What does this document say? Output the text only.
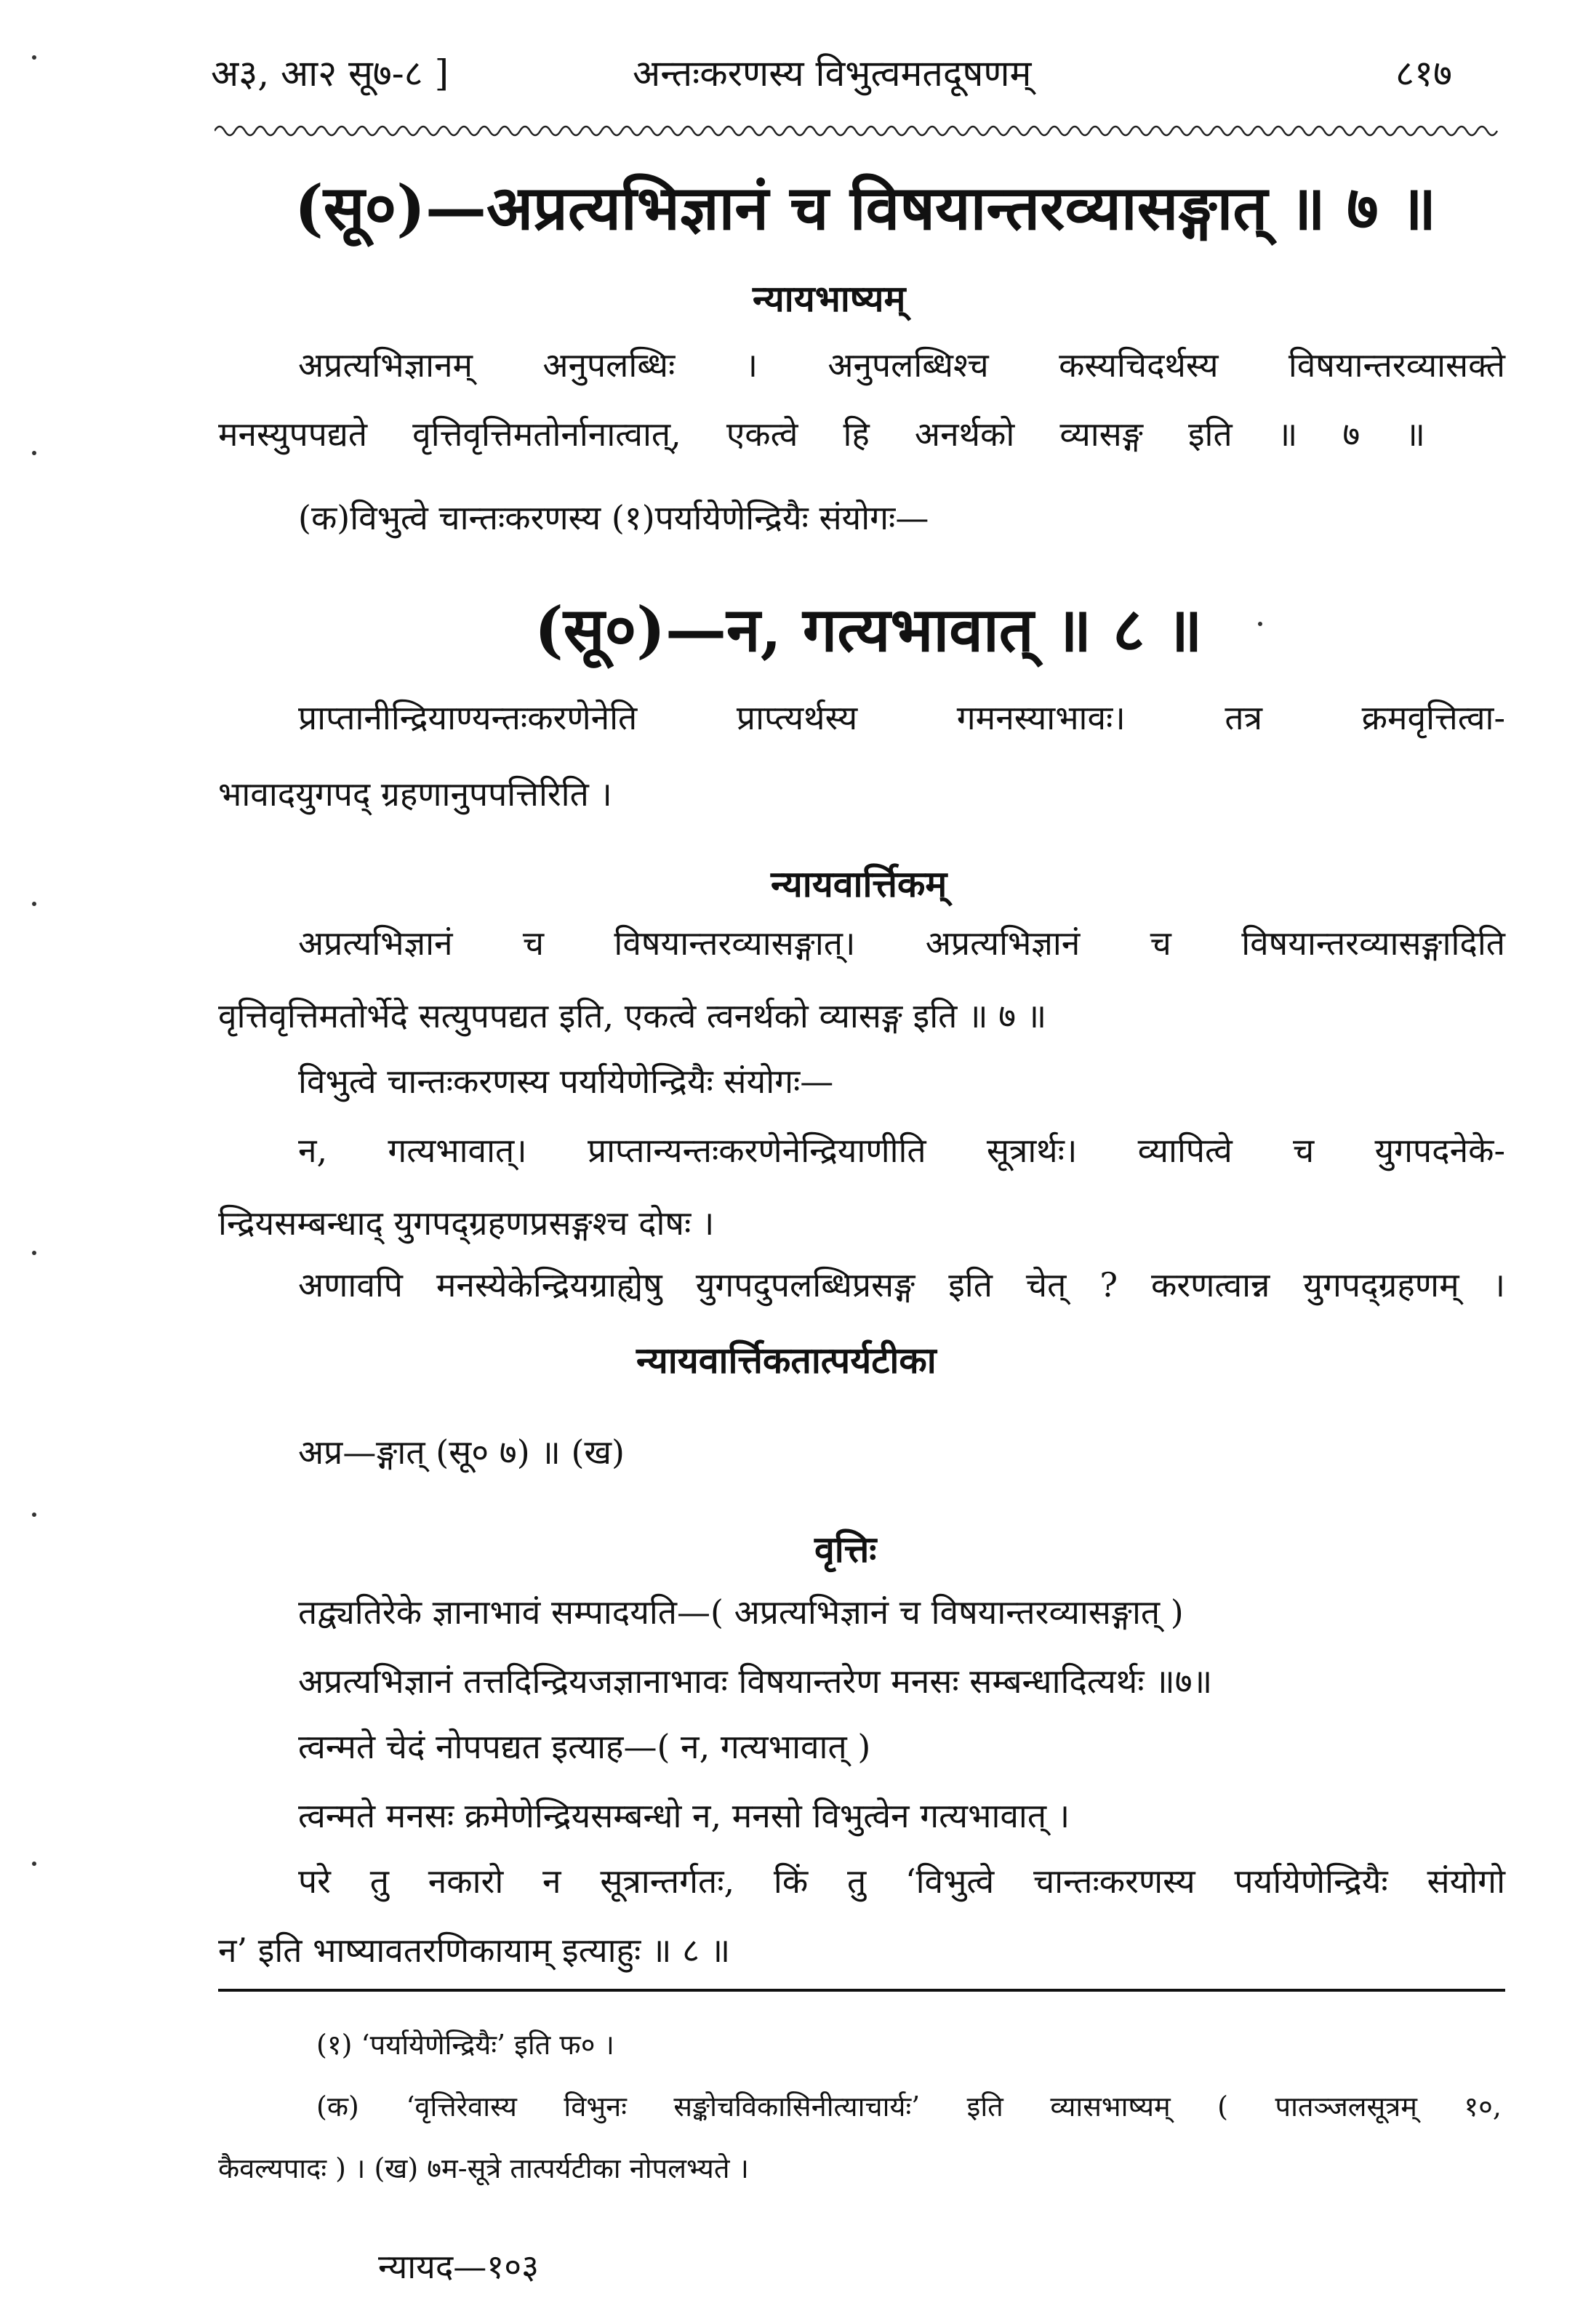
अ३, आ२ सू७-८ ]	अन्तःकरणस्य विभुत्वमतदूषणम्	८१७
(सू०)—अप्रत्यभिज्ञानं च विषयान्तरव्यासङ्गात् ॥ ७ ॥
न्यायभाष्यम्
अप्रत्यभिज्ञानम् अनुपलब्धिः । अनुपलब्धिश्च कस्यचिदर्थस्य विषयान्तरव्यासक्ते
मनस्युपपद्यते वृत्तिवृत्तिमतोर्नानात्वात्, एकत्वे हि अनर्थको व्यासङ्ग इति ॥ ७ ॥
(क)विभुत्वे चान्तःकरणस्य (१)पर्यायेणेन्द्रियैः संयोगः—
(सू०)—न, गत्यभावात् ॥ ८ ॥
प्राप्तानीन्द्रियाण्यन्तःकरणेनेति प्राप्त्यर्थस्य गमनस्याभावः। तत्र क्रमवृत्तित्वा-
भावादयुगपद् ग्रहणानुपपत्तिरिति ।
न्यायवार्त्तिकम्
अप्रत्यभिज्ञानं च विषयान्तरव्यासङ्गात्। अप्रत्यभिज्ञानं च विषयान्तरव्यासङ्गादिति
वृत्तिवृत्तिमतोर्भेदे सत्युपपद्यत इति, एकत्वे त्वनर्थको व्यासङ्ग इति ॥ ७ ॥
विभुत्वे चान्तःकरणस्य पर्यायेणेन्द्रियैः संयोगः—
न, गत्यभावात्। प्राप्तान्यन्तःकरणेनेन्द्रियाणीति सूत्रार्थः। व्यापित्वे च युगपदनेके-
न्द्रियसम्बन्धाद् युगपद्ग्रहणप्रसङ्गश्च दोषः ।
अणावपि मनस्येकेन्द्रियग्राह्येषु युगपदुपलब्धिप्रसङ्ग इति चेत् ? करणत्वान्न युगपद्ग्रहणम् ।
न्यायवार्त्तिकतात्पर्यटीका
अप्र—ङ्गात् (सू० ७) ॥ (ख)
वृत्तिः
तद्व्यतिरेके ज्ञानाभावं सम्पादयति—( अप्रत्यभिज्ञानं च विषयान्तरव्यासङ्गात् )
अप्रत्यभिज्ञानं तत्तदिन्द्रियजज्ञानाभावः विषयान्तरेण मनसः सम्बन्धादित्यर्थः ॥७॥
त्वन्मते चेदं नोपपद्यत इत्याह—( न, गत्यभावात् )
त्वन्मते मनसः क्रमेणेन्द्रियसम्बन्धो न, मनसो विभुत्वेन गत्यभावात् ।
परे तु नकारो न सूत्रान्तर्गतः, किं तु ‘विभुत्वे चान्तःकरणस्य पर्यायेणेन्द्रियैः संयोगो
न’ इति भाष्यावतरणिकायाम् इत्याहुः ॥ ८ ॥
(१) ‘पर्यायेणेन्द्रियैः’ इति फ० ।
(क) ‘वृत्तिरेवास्य विभुनः सङ्कोचविकासिनीत्याचार्यः’ इति व्यासभाष्यम् ( पातञ्जलसूत्रम् १०,
कैवल्यपादः ) । (ख) ७म-सूत्रे तात्पर्यटीका नोपलभ्यते ।
न्यायद—१०३
